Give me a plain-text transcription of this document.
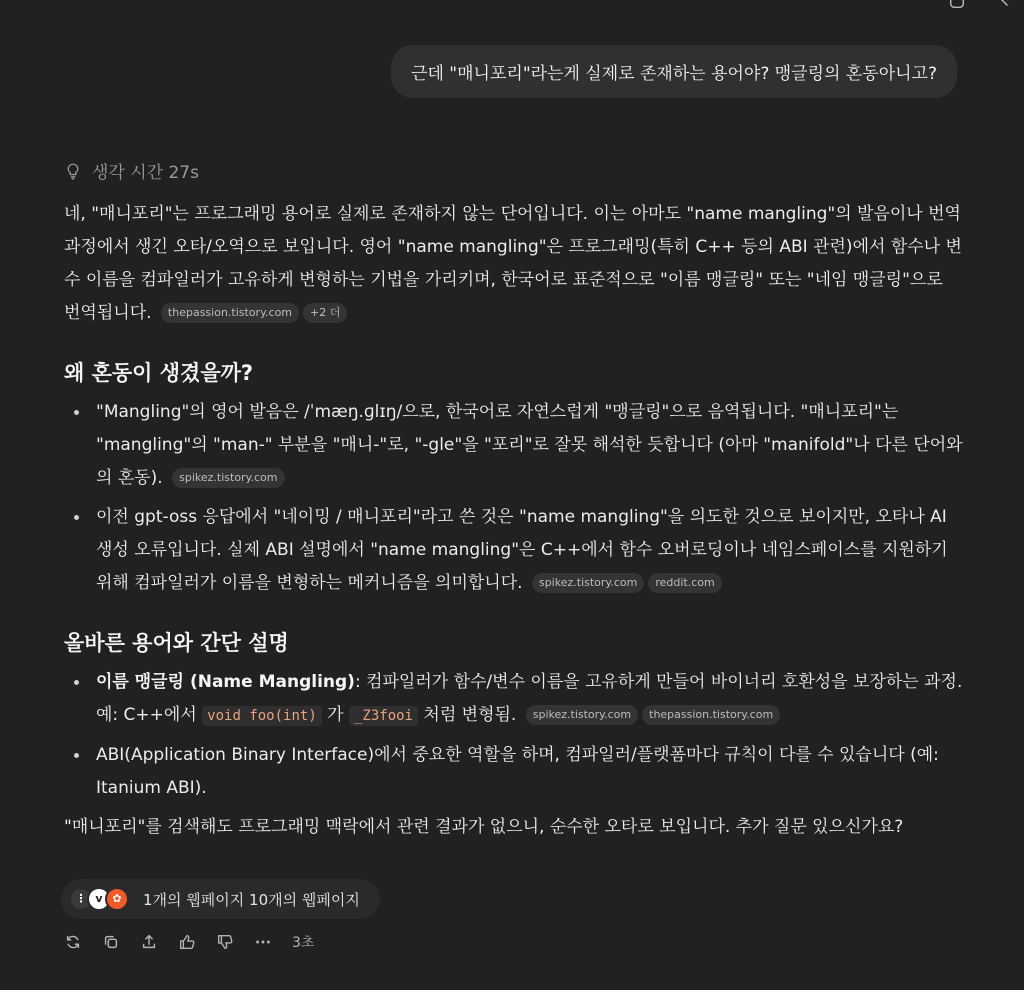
근데 "매니포리"라는게 실제로 존재하는 용어야? 맹글링의 혼동아니고?
생각 시간 27s

네, "매니포리"는 프로그래밍 용어로 실제로 존재하지 않는 단어입니다. 이는 아마도 "name mangling"의 발음이나 번역 과정에서 생긴 오타/오역으로 보입니다. 영어 "name mangling"은 프로그래밍(특히 C++ 등의 ABI 관련)에서 함수나 변수 이름을 컴파일러가 고유하게 변형하는 기법을 가리키며, 한국어로 표준적으로 "이름 맹글링" 또는 "네임 맹글링"으로 번역됩니다. thepassion.tistory.com +2 더

왜 혼동이 생겼을까?
"Mangling"의 영어 발음은 /ˈmæŋ.ɡlɪŋ/으로, 한국어로 자연스럽게 "맹글링"으로 음역됩니다. "매니포리"는 "mangling"의 "man-" 부분을 "매니-"로, "-gle"을 "포리"로 잘못 해석한 듯합니다 (아마 "manifold"나 다른 단어와의 혼동). spikez.tistory.com
이전 gpt-oss 응답에서 "네이밍 / 매니포리"라고 쓴 것은 "name mangling"을 의도한 것으로 보이지만, 오타나 AI 생성 오류입니다. 실제 ABI 설명에서 "name mangling"은 C++에서 함수 오버로딩이나 네임스페이스를 지원하기 위해 컴파일러가 이름을 변형하는 메커니즘을 의미합니다. spikez.tistory.com reddit.com
올바른 용어와 간단 설명
이름 맹글링 (Name Mangling): 컴파일러가 함수/변수 이름을 고유하게 만들어 바이너리 호환성을 보장하는 과정. 예: C++에서 void foo(int) 가 _Z3fooi 처럼 변형됨. spikez.tistory.com thepassion.tistory.com
ABI(Application Binary Interface)에서 중요한 역할을 하며, 컴파일러/플랫폼마다 규칙이 다를 수 있습니다 (예: Itanium ABI).

"매니포리"를 검색해도 프로그래밍 맥락에서 관련 결과가 없으니, 순수한 오타로 보입니다. 추가 질문 있으신가요?

⋮ v ✿	1개의 웹페이지 10개의 웹페이지
3초
